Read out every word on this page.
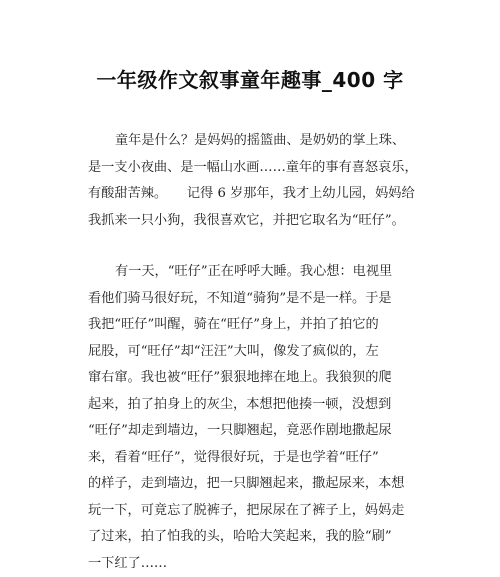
一年级作文叙事童年趣事_400 字
童年是什么？是妈妈的摇篮曲、是奶奶的掌上珠、
是一支小夜曲、是一幅山水画……童年的事有喜怒哀乐，
有酸甜苦辣。　　记得 6 岁那年，我才上幼儿园，妈妈给
我抓来一只小狗，我很喜欢它，并把它取名为“旺仔”。
有一天，“旺仔”正在呼呼大睡。我心想：电视里
看他们骑马很好玩，不知道“骑狗”是不是一样。于是
我把“旺仔”叫醒，骑在“旺仔”身上，并拍了拍它的
屁股，可“旺仔”却“汪汪”大叫，像发了疯似的，左
窜右窜。我也被“旺仔”狠狠地摔在地上。我狼狈的爬
起来，拍了拍身上的灰尘，本想把他揍一顿，没想到
“旺仔”却走到墙边，一只脚翘起，竟恶作剧地撒起尿
来，看着“旺仔”，觉得很好玩，于是也学着“旺仔”
的样子，走到墙边，把一只脚翘起来，撒起尿来，本想
玩一下，可竟忘了脱裤子，把尿尿在了裤子上，妈妈走
了过来，拍了怕我的头，哈哈大笑起来，我的脸“刷”
一下红了……
